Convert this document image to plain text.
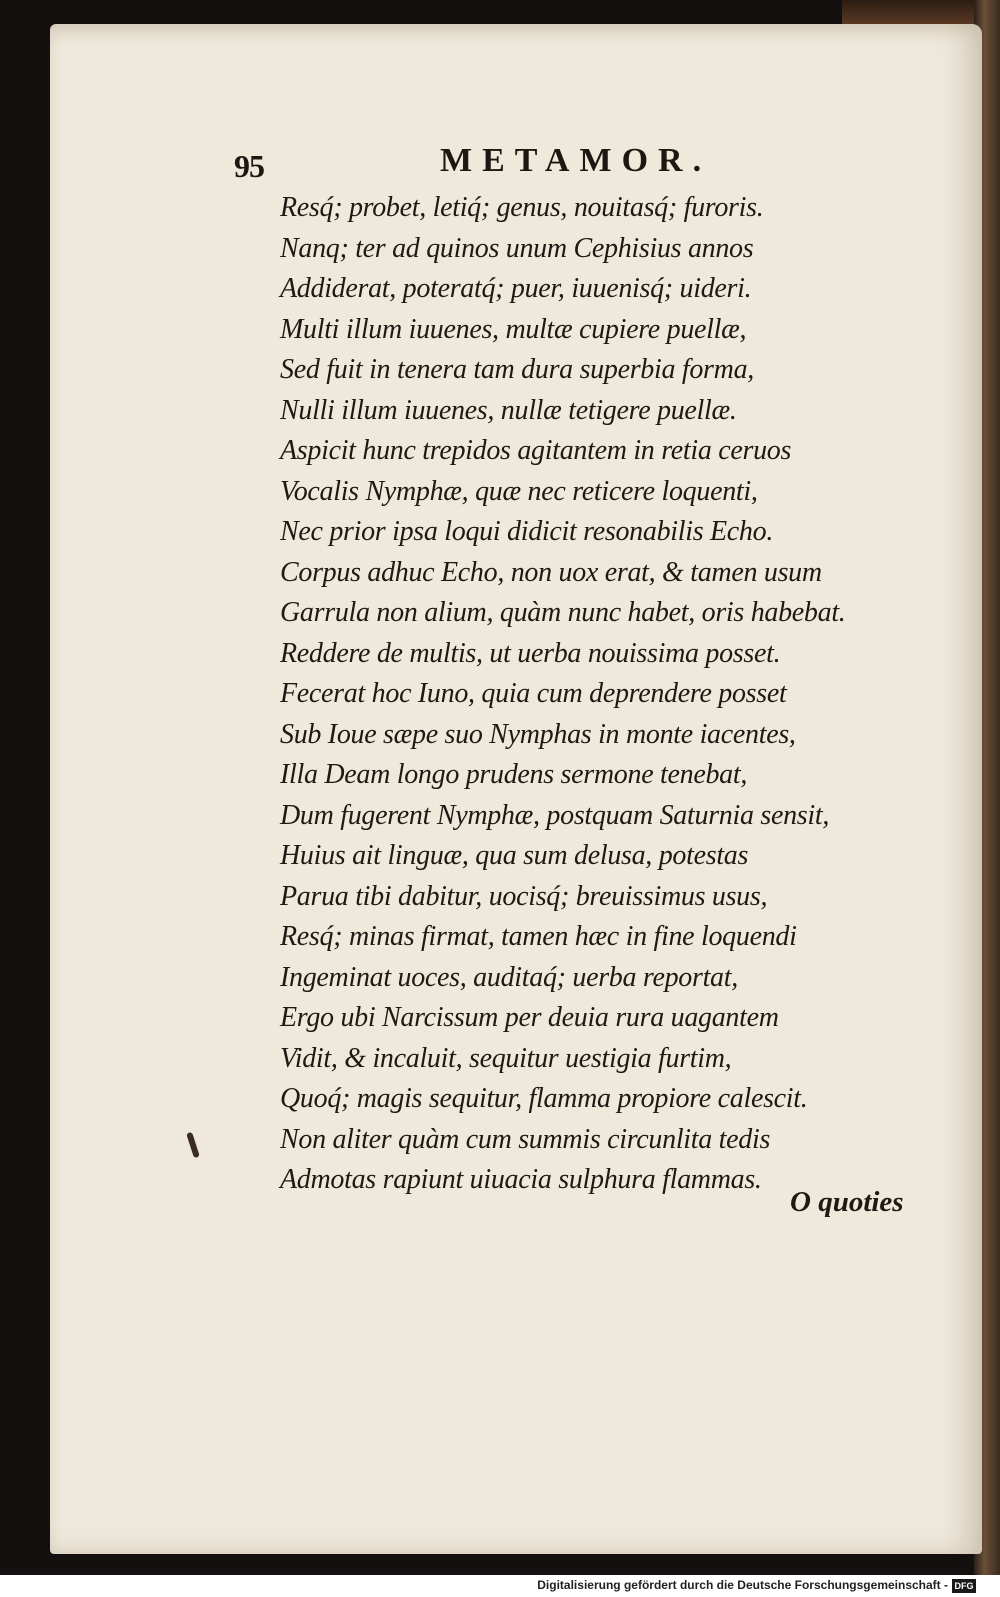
95	METAMOR.
Resq́; probet, letiq́; genus, nouitasq́; furoris.
Nanq; ter ad quinos unum Cephisius annos
Addiderat, poteratq́; puer, iuuenisq́; uideri.
Multi illum iuuenes, multæ cupiere puellæ,
Sed fuit in tenera tam dura superbia forma,
Nulli illum iuuenes, nullæ tetigere puellæ.
Aspicit hunc trepidos agitantem in retia ceruos
Vocalis Nymphæ, quæ nec reticere loquenti,
Nec prior ipsa loqui didicit resonabilis Echo.
Corpus adhuc Echo, non uox erat, & tamen usum
Garrula non alium, quàm nunc habet, oris habebat.
Reddere de multis, ut uerba nouissima posset.
Fecerat hoc Iuno, quia cum deprendere posset
Sub Ioue sæpe suo Nymphas in monte iacentes,
Illa Deam longo prudens sermone tenebat,
Dum fugerent Nymphæ, postquam Saturnia sensit,
Huius ait linguæ, qua sum delusa, potestas
Parua tibi dabitur, uocisq́; breuissimus usus,
Resq́; minas firmat, tamen hæc in fine loquendi
Ingeminat uoces, auditaq́; uerba reportat,
Ergo ubi Narcissum per deuia rura uagantem
Vidit, & incaluit, sequitur uestigia furtim,
Quoq́; magis sequitur, flamma propiore calescit.
Non aliter quàm cum summis circunlita tedis
Admotas rapiunt uiuacia sulphura flammas.
O quoties
Digitalisierung gefördert durch die Deutsche Forschungsgemeinschaft - DFG
